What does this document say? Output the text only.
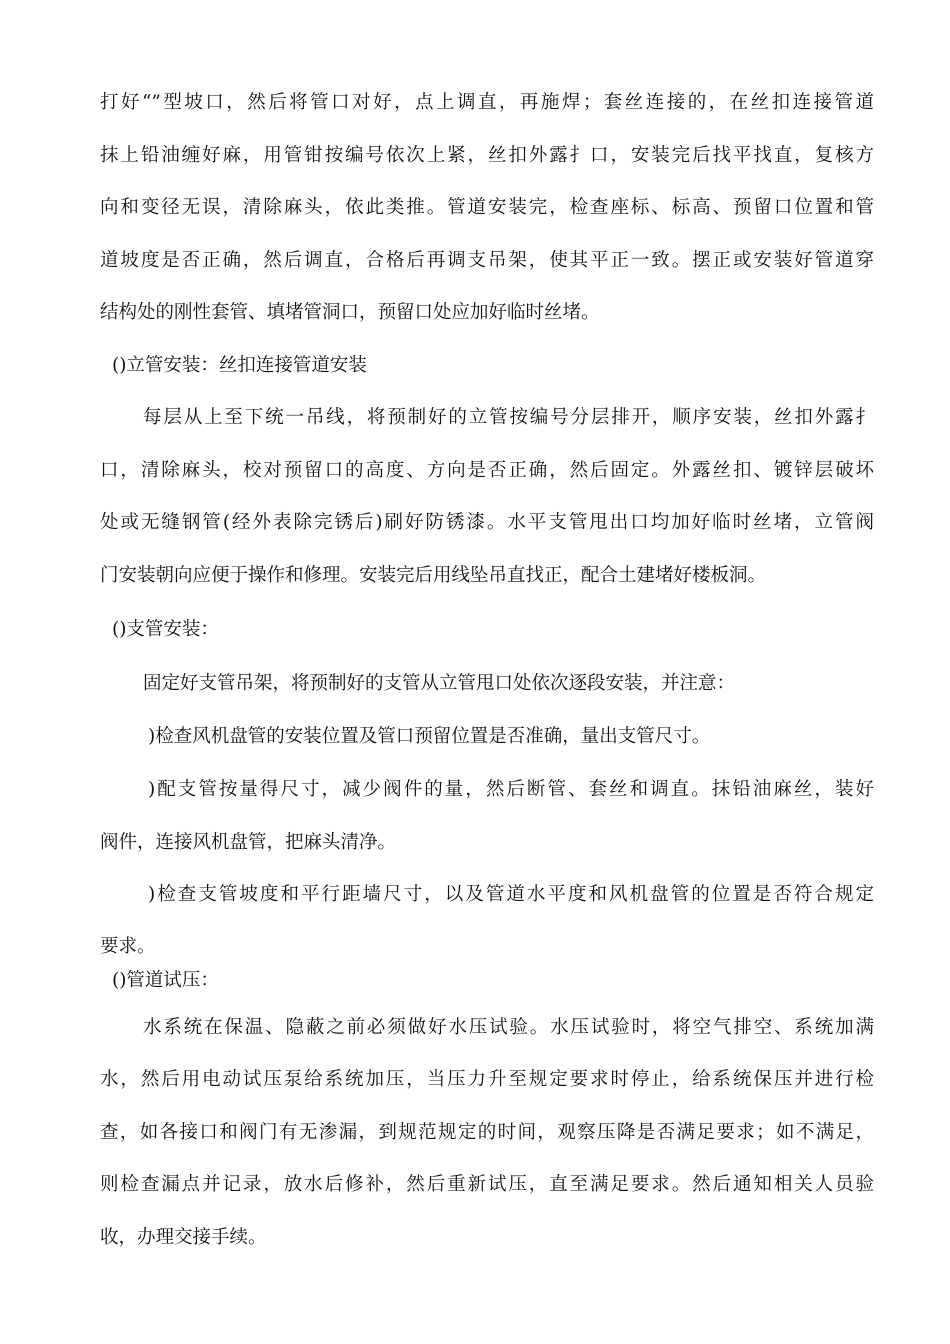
打好“”型坡口，然后将管口对好，点上调直，再施焊；套丝连接的，在丝扣连接管道
抹上铅油缠好麻，用管钳按编号依次上紧，丝扣外露扌口，安装完后找平找直，复核方
向和变径无误，清除麻头，依此类推。管道安装完，检查座标、标高、预留口位置和管
道坡度是否正确，然后调直，合格后再调支吊架，使其平正一致。摆正或安装好管道穿
结构处的刚性套管、填堵管洞口，预留口处应加好临时丝堵。
()立管安装：丝扣连接管道安装
每层从上至下统一吊线，将预制好的立管按编号分层排开，顺序安装，丝扣外露扌
口，清除麻头，校对预留口的高度、方向是否正确，然后固定。外露丝扣、镀锌层破坏
处或无缝钢管(经外表除完锈后)刷好防锈漆。水平支管甩出口均加好临时丝堵，立管阀
门安装朝向应便于操作和修理。安装完后用线坠吊直找正，配合土建堵好楼板洞。
()支管安装：
固定好支管吊架，将预制好的支管从立管甩口处依次逐段安装，并注意：
)检查风机盘管的安装位置及管口预留位置是否准确，量出支管尺寸。
)配支管按量得尺寸，减少阀件的量，然后断管、套丝和调直。抹铅油麻丝，装好
阀件，连接风机盘管，把麻头清净。
)检查支管坡度和平行距墙尺寸，以及管道水平度和风机盘管的位置是否符合规定
要求。
()管道试压：
水系统在保温、隐蔽之前必须做好水压试验。水压试验时，将空气排空、系统加满
水，然后用电动试压泵给系统加压，当压力升至规定要求时停止，给系统保压并进行检
查，如各接口和阀门有无渗漏，到规范规定的时间，观察压降是否满足要求；如不满足，
则检查漏点并记录，放水后修补，然后重新试压，直至满足要求。然后通知相关人员验
收，办理交接手续。
